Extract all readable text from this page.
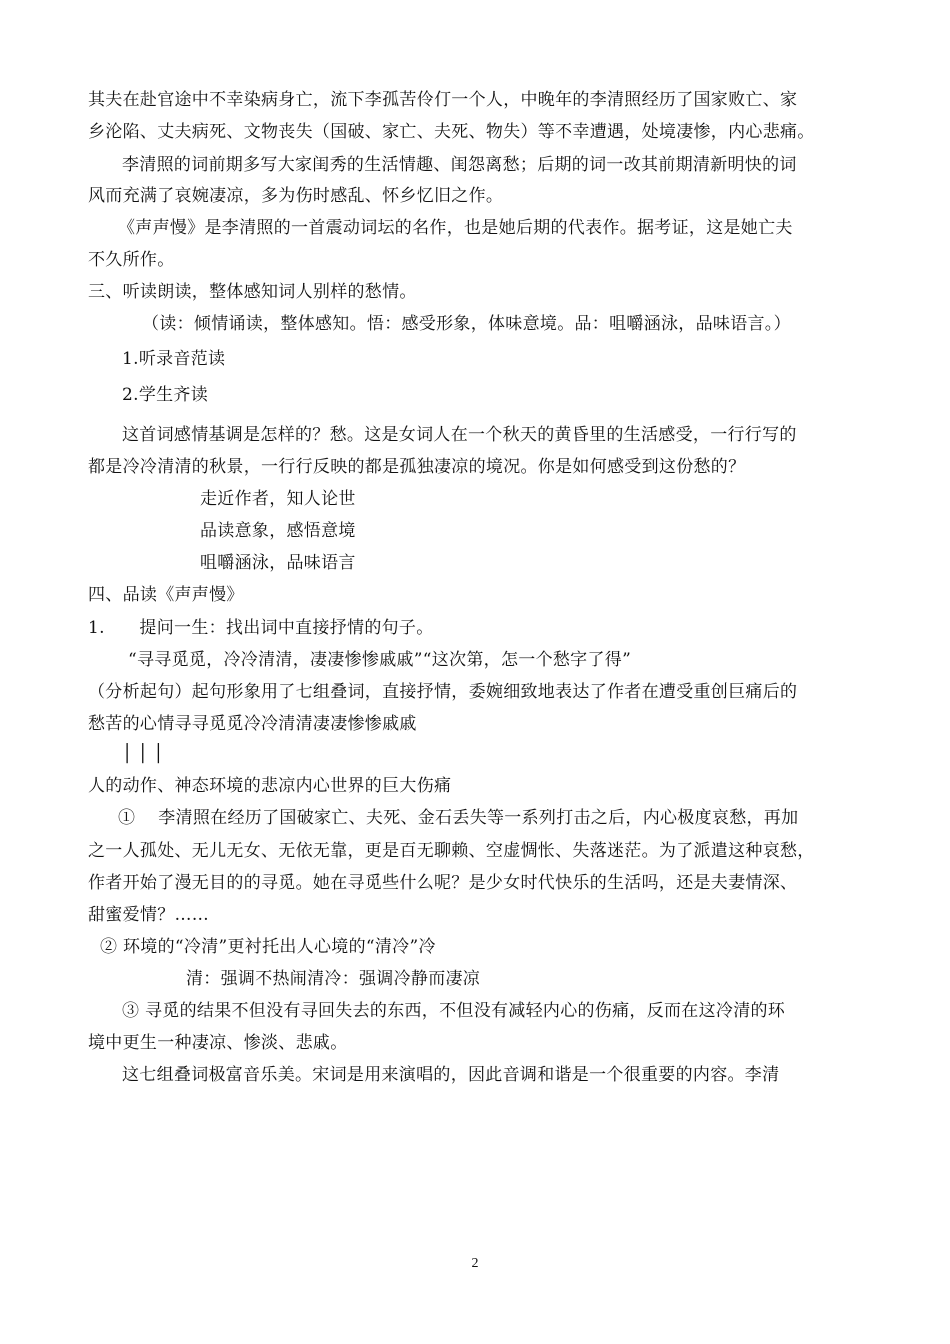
其夫在赴官途中不幸染病身亡，流下李孤苦伶仃一个人，中晚年的李清照经历了国家败亡、家
乡沦陷、丈夫病死、文物丧失（国破、家亡、夫死、物失）等不幸遭遇，处境凄惨，内心悲痛。
李清照的词前期多写大家闺秀的生活情趣、闺怨离愁；后期的词一改其前期清新明快的词
风而充满了哀婉凄凉，多为伤时感乱、怀乡忆旧之作。
《声声慢》是李清照的一首震动词坛的名作，也是她后期的代表作。据考证，这是她亡夫
不久所作。
三、听读朗读，整体感知词人别样的愁情。
（读：倾情诵读，整体感知。悟：感受形象，体味意境。品：咀嚼涵泳，品味语言。）
1.听录音范读
2.学生齐读
这首词感情基调是怎样的？愁。这是女词人在一个秋天的黄昏里的生活感受，一行行写的
都是冷冷清清的秋景，一行行反映的都是孤独凄凉的境况。你是如何感受到这份愁的？
走近作者，知人论世
品读意象，感悟意境
咀嚼涵泳，品味语言
四、品读《声声慢》
1.　　提问一生：找出词中直接抒情的句子。
“寻寻觅觅，冷冷清清，凄凄惨惨戚戚”“这次第，怎一个愁字了得”
（分析起句）起句形象用了七组叠词，直接抒情，委婉细致地表达了作者在遭受重创巨痛后的
愁苦的心情寻寻觅觅冷冷清清凄凄惨惨戚戚
│ │ │
人的动作、神态环境的悲凉内心世界的巨大伤痛
①　 李清照在经历了国破家亡、夫死、金石丢失等一系列打击之后，内心极度哀愁，再加
之一人孤处、无儿无女、无依无靠，更是百无聊赖、空虚惆怅、失落迷茫。为了派遣这种哀愁，
作者开始了漫无目的的寻觅。她在寻觅些什么呢？是少女时代快乐的生活吗，还是夫妻情深、
甜蜜爱情？……
② 环境的“冷清”更衬托出人心境的“清冷”冷
清：强调不热闹清冷：强调冷静而凄凉
③ 寻觅的结果不但没有寻回失去的东西，不但没有减轻内心的伤痛，反而在这冷清的环
境中更生一种凄凉、惨淡、悲戚。
这七组叠词极富音乐美。宋词是用来演唱的，因此音调和谐是一个很重要的内容。李清
2
